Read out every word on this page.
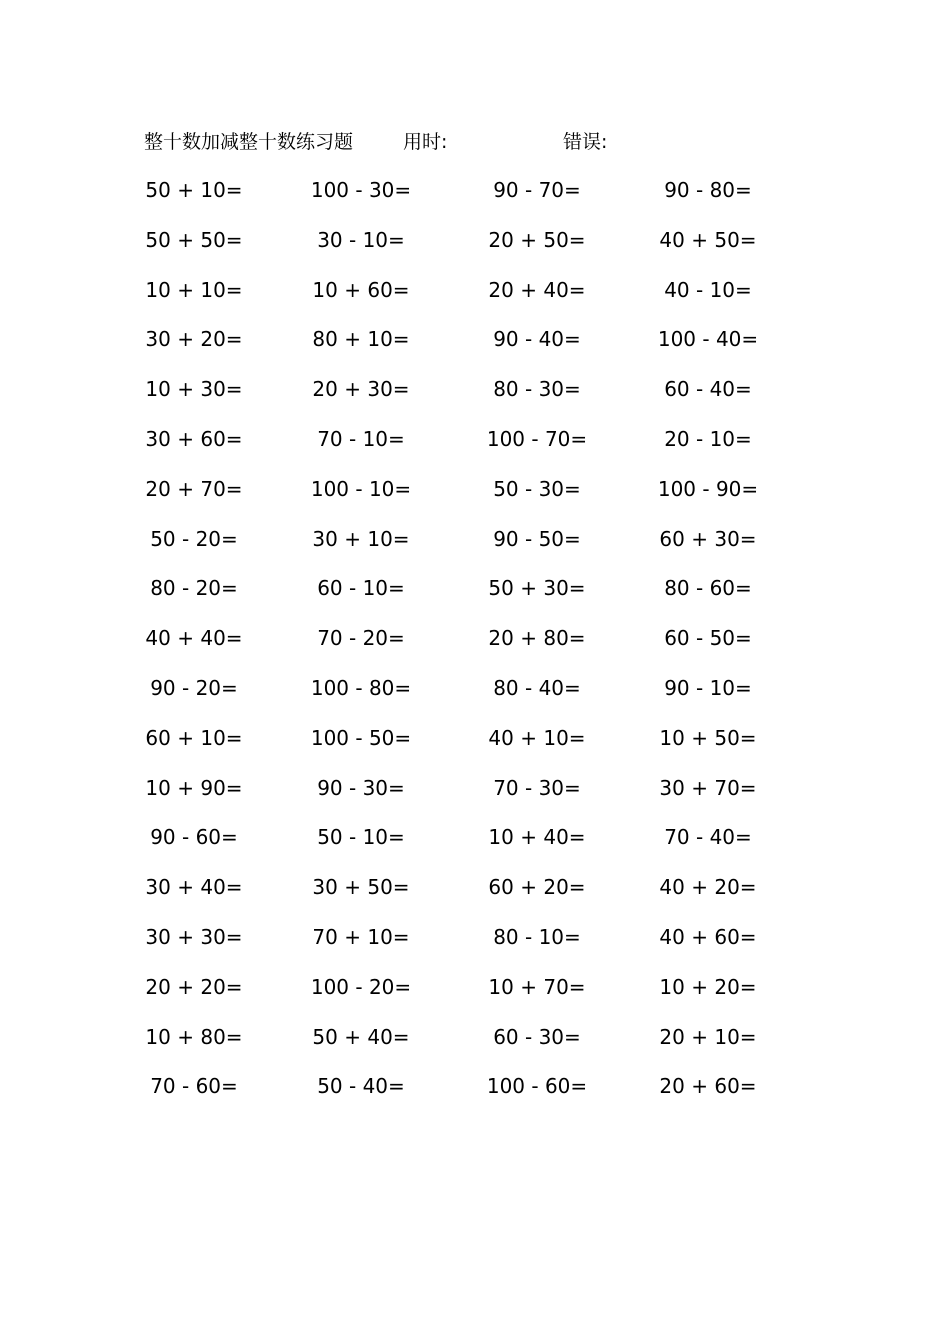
整十数加减整十数练习题	用时:	错误:
50 + 10=	100 - 30=	90 - 70=	90 - 80=
50 + 50=	30 - 10=	20 + 50=	40 + 50=
10 + 10=	10 + 60=	20 + 40=	40 - 10=
30 + 20=	80 + 10=	90 - 40=	100 - 40=
10 + 30=	20 + 30=	80 - 30=	60 - 40=
30 + 60=	70 - 10=	100 - 70=	20 - 10=
20 + 70=	100 - 10=	50 - 30=	100 - 90=
50 - 20=	30 + 10=	90 - 50=	60 + 30=
80 - 20=	60 - 10=	50 + 30=	80 - 60=
40 + 40=	70 - 20=	20 + 80=	60 - 50=
90 - 20=	100 - 80=	80 - 40=	90 - 10=
60 + 10=	100 - 50=	40 + 10=	10 + 50=
10 + 90=	90 - 30=	70 - 30=	30 + 70=
90 - 60=	50 - 10=	10 + 40=	70 - 40=
30 + 40=	30 + 50=	60 + 20=	40 + 20=
30 + 30=	70 + 10=	80 - 10=	40 + 60=
20 + 20=	100 - 20=	10 + 70=	10 + 20=
10 + 80=	50 + 40=	60 - 30=	20 + 10=
70 - 60=	50 - 40=	100 - 60=	20 + 60=
